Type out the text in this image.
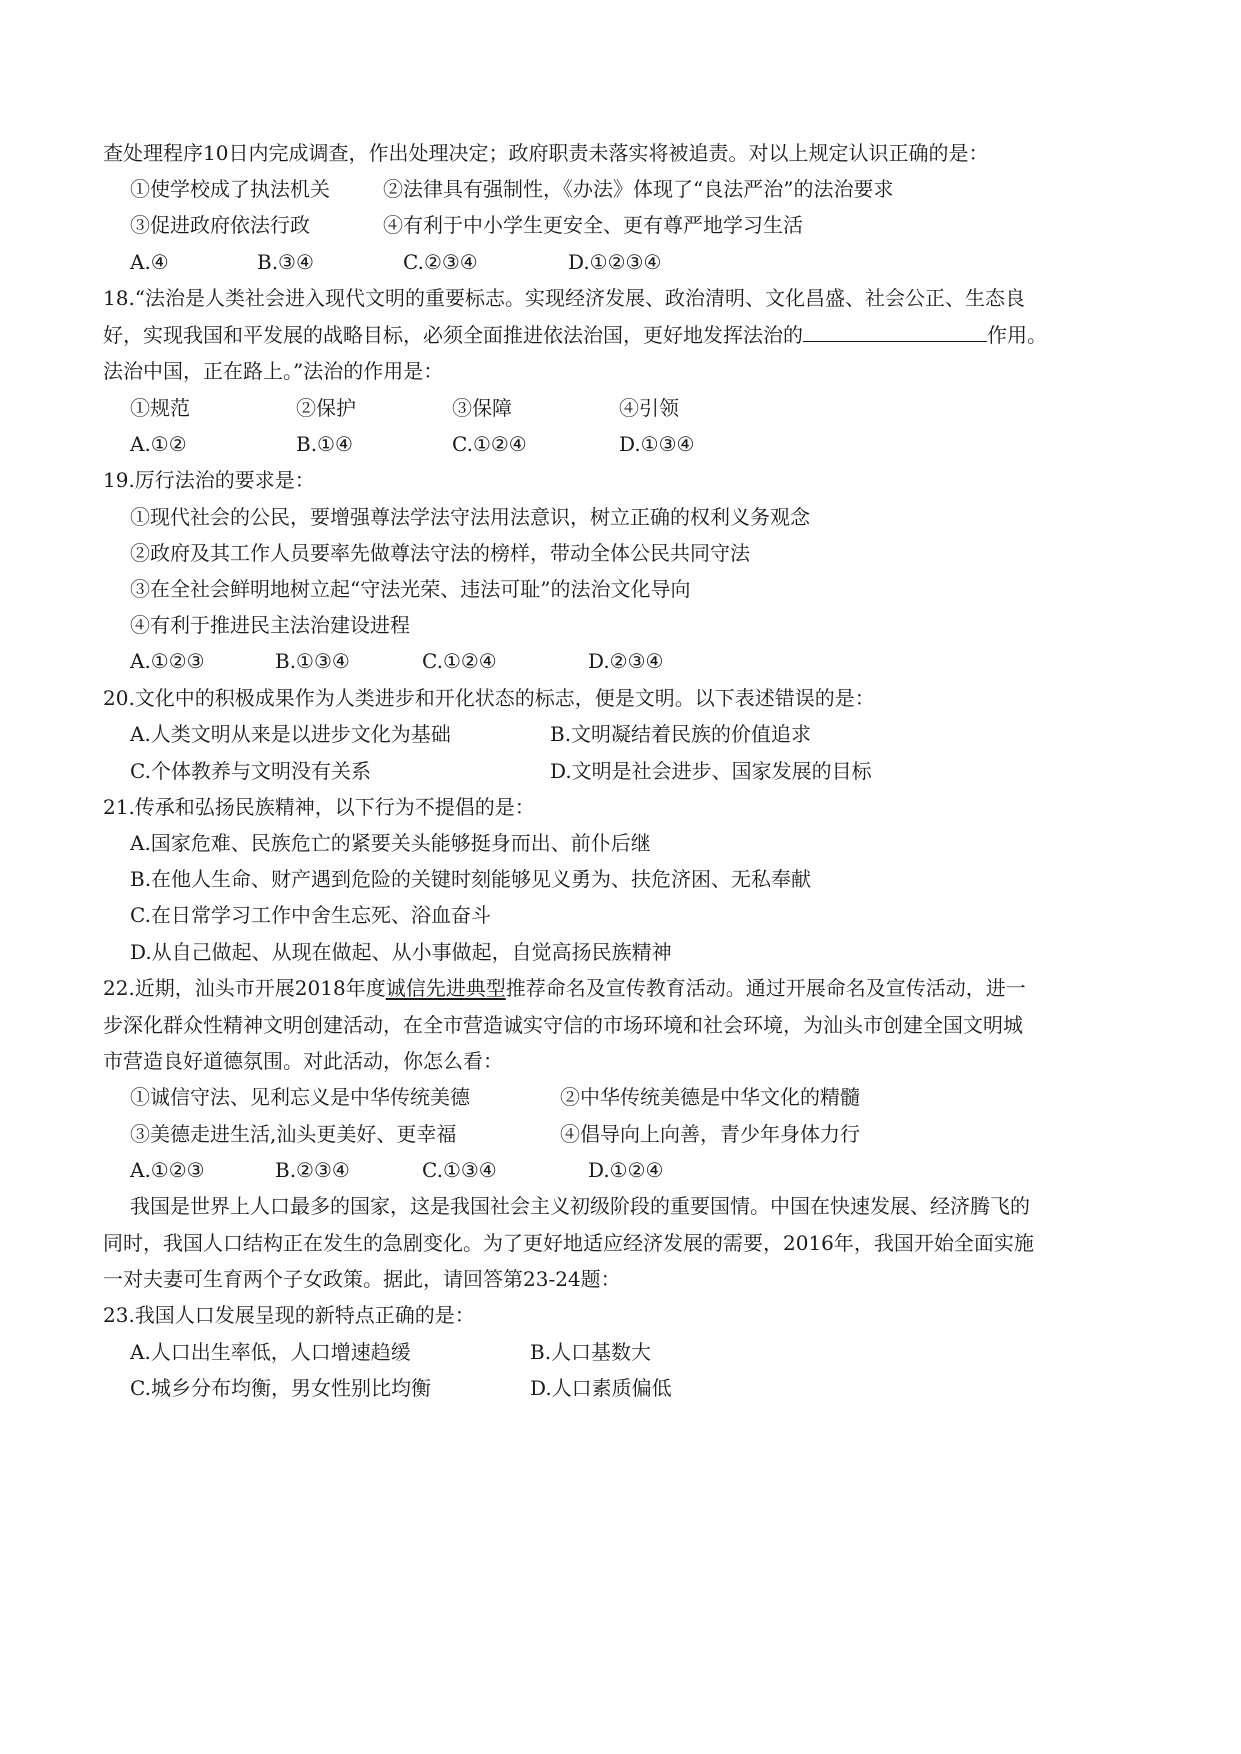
查处理程序10日内完成调查，作出处理决定；政府职责未落实将被追责。对以上规定认识正确的是：
①使学校成了执法机关	②法律具有强制性，《办法》体现了“良法严治”的法治要求
③促进政府依法行政	④有利于中小学生更安全、更有尊严地学习生活
A.④	B.③④	C.②③④	D.①②③④
18.“法治是人类社会进入现代文明的重要标志。实现经济发展、政治清明、文化昌盛、社会公正、生态良
好，实现我国和平发展的战略目标，必须全面推进依法治国，更好地发挥法治的	作用。
法治中国，正在路上。”法治的作用是：
①规范	②保护	③保障	④引领
A.①②	B.①④	C.①②④	D.①③④
19.厉行法治的要求是：
①现代社会的公民，要增强尊法学法守法用法意识，树立正确的权利义务观念
②政府及其工作人员要率先做尊法守法的榜样，带动全体公民共同守法
③在全社会鲜明地树立起“守法光荣、违法可耻”的法治文化导向
④有利于推进民主法治建设进程
A.①②③	B.①③④	C.①②④	D.②③④
20.文化中的积极成果作为人类进步和开化状态的标志，便是文明。以下表述错误的是：
A.人类文明从来是以进步文化为基础	B.文明凝结着民族的价值追求
C.个体教养与文明没有关系	D.文明是社会进步、国家发展的目标
21.传承和弘扬民族精神，以下行为不提倡的是：
A.国家危难、民族危亡的紧要关头能够挺身而出、前仆后继
B.在他人生命、财产遇到危险的关键时刻能够见义勇为、扶危济困、无私奉献
C.在日常学习工作中舍生忘死、浴血奋斗
D.从自己做起、从现在做起、从小事做起，自觉高扬民族精神
22.近期，汕头市开展2018年度诚信先进典型推荐命名及宣传教育活动。通过开展命名及宣传活动，进一
步深化群众性精神文明创建活动，在全市营造诚实守信的市场环境和社会环境，为汕头市创建全国文明城
市营造良好道德氛围。对此活动，你怎么看：
①诚信守法、见利忘义是中华传统美德	②中华传统美德是中华文化的精髓
③美德走进生活,汕头更美好、更幸福	④倡导向上向善，青少年身体力行
A.①②③	B.②③④	C.①③④	D.①②④
我国是世界上人口最多的国家，这是我国社会主义初级阶段的重要国情。中国在快速发展、经济腾飞的
同时，我国人口结构正在发生的急剧变化。为了更好地适应经济发展的需要，2016年，我国开始全面实施
一对夫妻可生育两个子女政策。据此，请回答第23-24题：
23.我国人口发展呈现的新特点正确的是：
A.人口出生率低，人口增速趋缓	B.人口基数大
C.城乡分布均衡，男女性别比均衡	D.人口素质偏低
